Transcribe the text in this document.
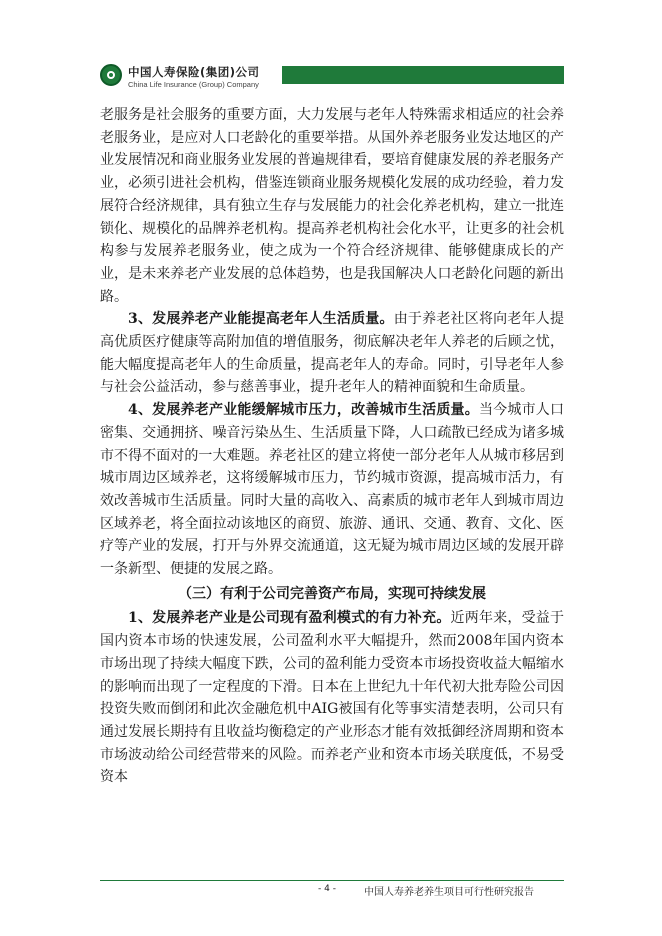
中国人寿保险(集团)公司
China Life Insurance (Group) Company

老服务是社会服务的重要方面，大力发展与老年人特殊需求相适应的社会养老服务业，是应对人口老龄化的重要举措。从国外养老服务业发达地区的产业发展情况和商业服务业发展的普遍规律看，要培育健康发展的养老服务产业，必须引进社会机构，借鉴连锁商业服务规模化发展的成功经验，着力发展符合经济规律，具有独立生存与发展能力的社会化养老机构，建立一批连锁化、规模化的品牌养老机构。提高养老机构社会化水平，让更多的社会机构参与发展养老服务业，使之成为一个符合经济规律、能够健康成长的产业，是未来养老产业发展的总体趋势，也是我国解决人口老龄化问题的新出路。

3、发展养老产业能提高老年人生活质量。由于养老社区将向老年人提高优质医疗健康等高附加值的增值服务，彻底解决老年人养老的后顾之忧，能大幅度提高老年人的生命质量，提高老年人的寿命。同时，引导老年人参与社会公益活动，参与慈善事业，提升老年人的精神面貌和生命质量。

4、发展养老产业能缓解城市压力，改善城市生活质量。当今城市人口密集、交通拥挤、噪音污染丛生、生活质量下降，人口疏散已经成为诸多城市不得不面对的一大难题。养老社区的建立将使一部分老年人从城市移居到城市周边区域养老，这将缓解城市压力，节约城市资源，提高城市活力，有效改善城市生活质量。同时大量的高收入、高素质的城市老年人到城市周边区域养老，将全面拉动该地区的商贸、旅游、通讯、交通、教育、文化、医疗等产业的发展，打开与外界交流通道，这无疑为城市周边区域的发展开辟一条新型、便捷的发展之路。

（三）有利于公司完善资产布局，实现可持续发展

1、发展养老产业是公司现有盈利模式的有力补充。近两年来，受益于国内资本市场的快速发展，公司盈利水平大幅提升，然而2008年国内资本市场出现了持续大幅度下跌，公司的盈利能力受资本市场投资收益大幅缩水的影响而出现了一定程度的下滑。日本在上世纪九十年代初大批寿险公司因投资失败而倒闭和此次金融危机中AIG被国有化等事实清楚表明，公司只有通过发展长期持有且收益均衡稳定的产业形态才能有效抵御经济周期和资本市场波动给公司经营带来的风险。而养老产业和资本市场关联度低，不易受资本

- 4 -	中国人寿养老养生项目可行性研究报告
